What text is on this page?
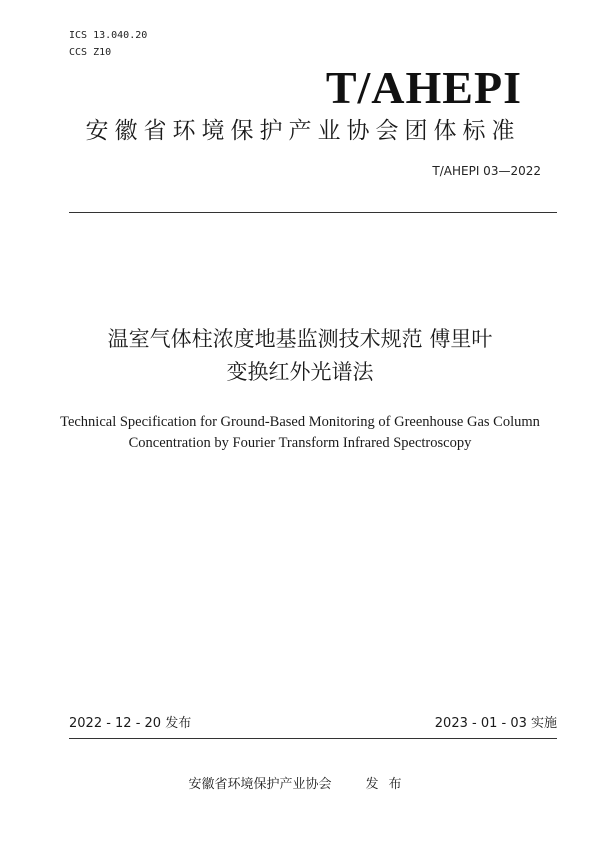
ICS 13.040.20
CCS Z10
T/AHEPI
安徽省环境保护产业协会团体标准
T/AHEPI 03—2022
温室气体柱浓度地基监测技术规范 傅里叶
变换红外光谱法
Technical Specification for Ground-Based Monitoring of Greenhouse Gas Column
Concentration by Fourier Transform Infrared Spectroscopy
2022 - 12 - 20 发布	2023 - 01 - 03 实施
安徽省环境保护产业协会	发布
